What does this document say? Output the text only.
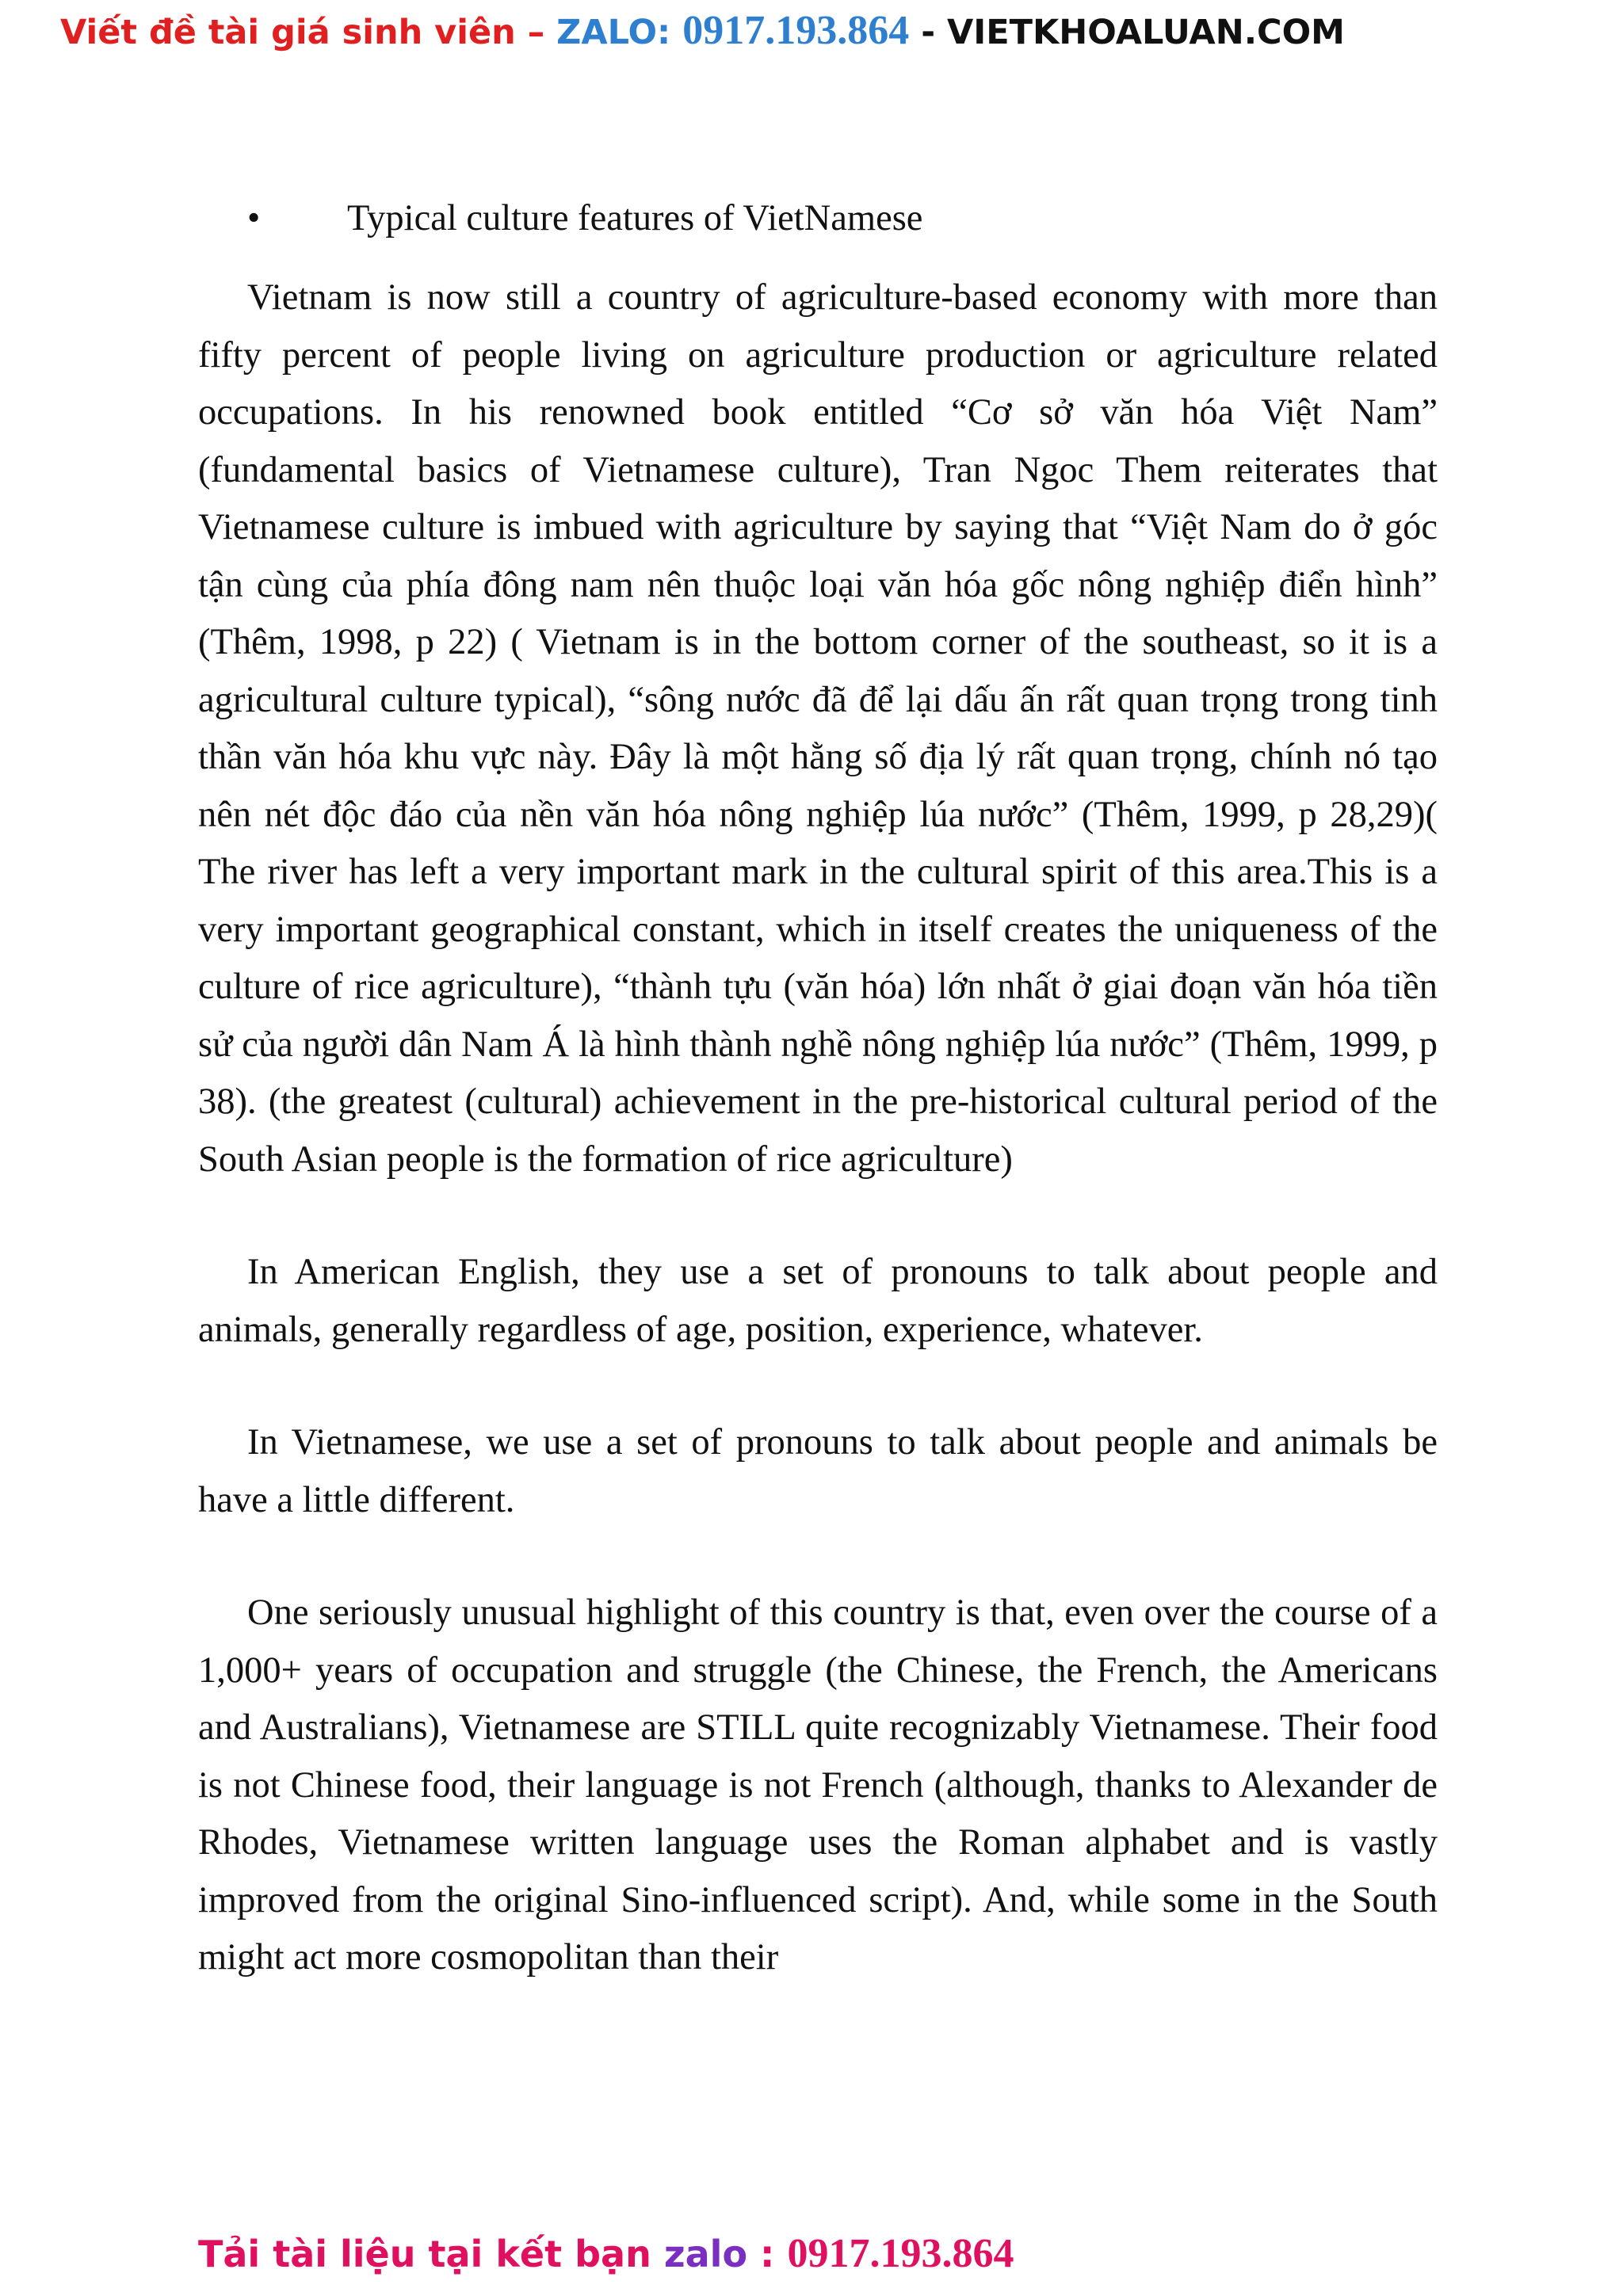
Viết đề tài giá sinh viên – ZALO: 0917.193.864 - VIETKHOALUAN.COM
• Typical culture features of VietNamese

Vietnam is now still a country of agriculture-based economy with more than fifty percent of people living on agriculture production or agriculture related occupations. In his renowned book entitled “Cơ sở văn hóa Việt Nam” (fundamental basics of Vietnamese culture), Tran Ngoc Them reiterates that Vietnamese culture is imbued with agriculture by saying that “Việt Nam do ở góc tận cùng của phía đông nam nên thuộc loại văn hóa gốc nông nghiệp điển hình” (Thêm, 1998, p 22) ( Vietnam is in the bottom corner of the southeast, so it is a agricultural culture typical), “sông nước đã để lại dấu ấn rất quan trọng trong tinh thần văn hóa khu vực này. Đây là một hằng số địa lý rất quan trọng, chính nó tạo nên nét độc đáo của nền văn hóa nông nghiệp lúa nước” (Thêm, 1999, p 28,29)( The river has left a very important mark in the cultural spirit of this area.This is a very important geographical constant, which in itself creates the uniqueness of the culture of rice agriculture), “thành tựu (văn hóa) lớn nhất ở giai đoạn văn hóa tiền sử của người dân Nam Á là hình thành nghề nông nghiệp lúa nước” (Thêm, 1999, p 38). (the greatest (cultural) achievement in the pre-historical cultural period of the South Asian people is the formation of rice agriculture)

In American English, they use a set of pronouns to talk about people and animals, generally regardless of age, position, experience, whatever.

In Vietnamese, we use a set of pronouns to talk about people and animals be have a little different.

One seriously unusual highlight of this country is that, even over the course of a 1,000+ years of occupation and struggle (the Chinese, the French, the Americans and Australians), Vietnamese are STILL quite recognizably Vietnamese. Their food is not Chinese food, their language is not French (although, thanks to Alexander de Rhodes, Vietnamese written language uses the Roman alphabet and is vastly improved from the original Sino-influenced script). And, while some in the South might act more cosmopolitan than their

Tải tài liệu tại kết bạn zalo : 0917.193.864
